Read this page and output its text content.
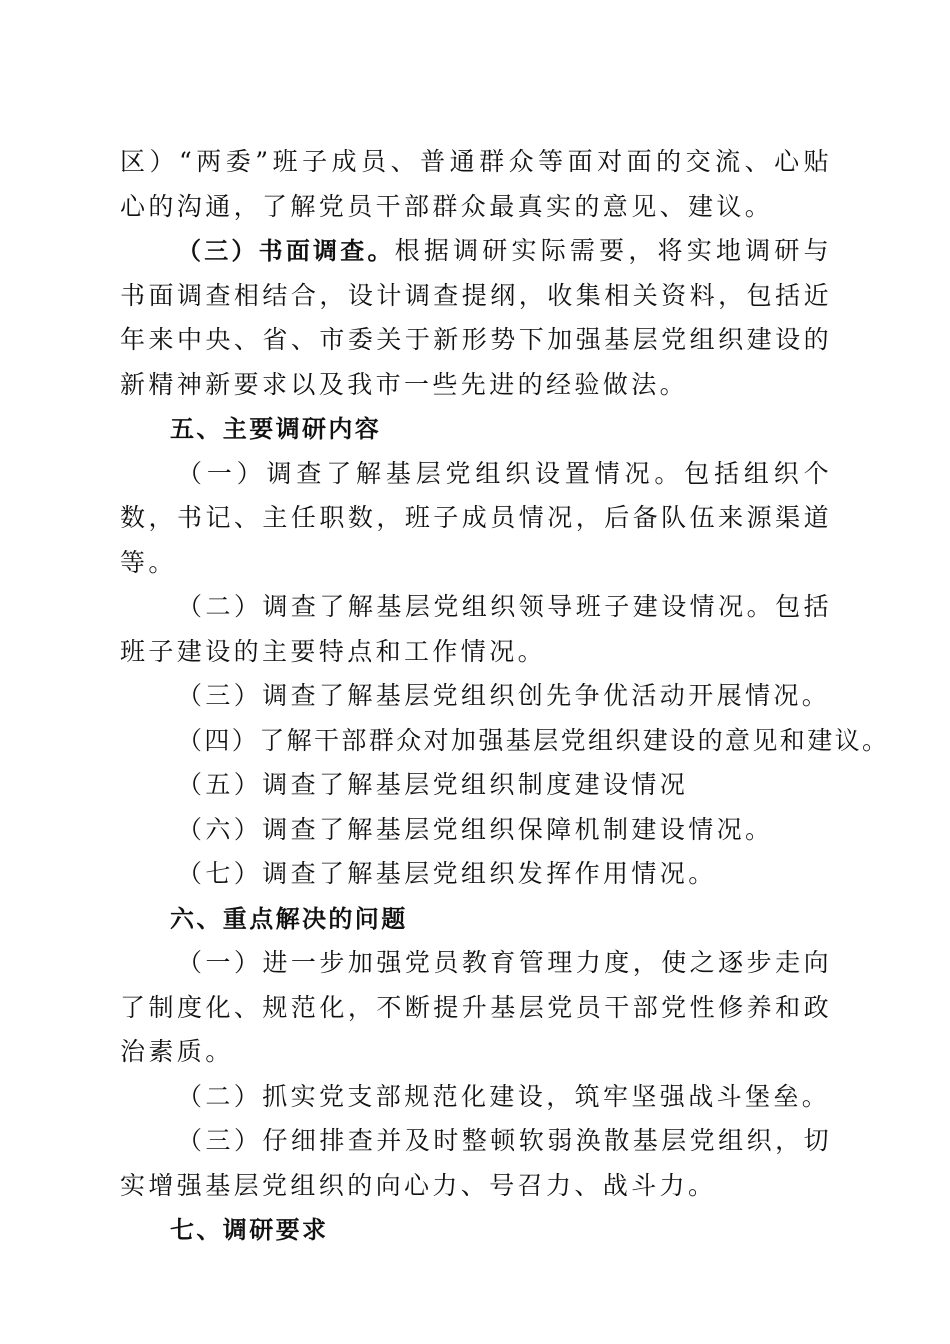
区）“两委”班子成员、普通群众等面对面的交流、心贴心的沟通，了解党员干部群众最真实的意见、建议。

（三）书面调查。根据调研实际需要，将实地调研与书面调查相结合，设计调查提纲，收集相关资料，包括近年来中央、省、市委关于新形势下加强基层党组织建设的新精神新要求以及我市一些先进的经验做法。

五、主要调研内容

（一）调查了解基层党组织设置情况。包括组织个数，书记、主任职数，班子成员情况，后备队伍来源渠道等。

（二）调查了解基层党组织领导班子建设情况。包括班子建设的主要特点和工作情况。

（三）调查了解基层党组织创先争优活动开展情况。

（四）了解干部群众对加强基层党组织建设的意见和建议。

（五）调查了解基层党组织制度建设情况

（六）调查了解基层党组织保障机制建设情况。

（七）调查了解基层党组织发挥作用情况。

六、重点解决的问题

（一）进一步加强党员教育管理力度，使之逐步走向了制度化、规范化，不断提升基层党员干部党性修养和政治素质。

（二）抓实党支部规范化建设，筑牢坚强战斗堡垒。

（三）仔细排查并及时整顿软弱涣散基层党组织，切实增强基层党组织的向心力、号召力、战斗力。

七、调研要求
